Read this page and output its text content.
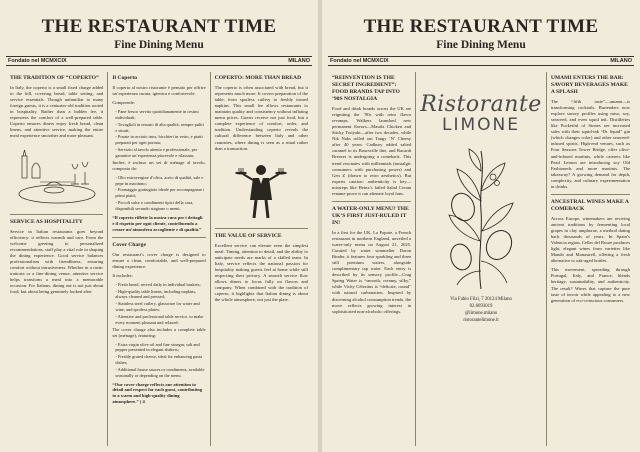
THE RESTAURANT TIME
Fine Dining Menu
Fondato nel MCMXCIX	MILANO
THE TRADITION OF “COPERTO”
In Italy, the coperto is a small fixed charge added to the bill, covering bread, table setting, and service essentials. Though unfamiliar to many foreign guests, it is a centuries-old tradition rooted in hospitality. Rather than a hidden fee, it represents the comfort of a well-prepared table. Coperto ensures diners enjoy fresh bread, clean linens, and attentive service, making the entire meal experience smoother and more pleasant.
SERVICE AS HOSPITALITY
Service in Italian restaurants goes beyond efficiency: it reflects warmth and care. From the welcome greeting to personalized recommendations, staff play a vital role in shaping the dining experience. Good service balances professionalism with friendliness, ensuring comfort without intrusiveness. Whether in a rustic trattoria or a fine-dining venue, attentive service helps transform a meal into a memorable occasion. For Italians, dining out is not just about food, but about being genuinely looked after.
Il Coperto
Il coperto al nostro ristorante è pensato per offrire un’esperienza curata, igienica e confortevole.
Comprende:
- Pane fresco servito quotidianamente in cestini individuali;
- Tovaglioli in tessuto di alta qualità, sempre puliti e stirati;
- Posate in acciaio inox, bicchieri in vetro, e piatti preparati per ogni portata;
- Servizio al tavolo attento e professionale, per garantire un’esperienza piacevole e rilassata;
Inoltre, è incluso un set di ménage al tavolo, composto da:
- Olio extravergine d’oliva, aceto di qualità, sale e pepe in macinino;
- Formaggio grattugiato ideale per accompagnare i primi piatti;
- Piccoli salse o condimenti tipici della casa, disponibili secondo stagione o menù.
“Il coperto riflette la nostra cura per i dettagli e il rispetto per ogni cliente, contribuendo a creare un’atmosfera accogliente e di qualità.”
Cover Charge
Our restaurant’s cover charge is designed to ensure a clean, comfortable, and well-prepared dining experience.
It includes:
- Fresh bread, served daily in individual baskets;
- High-quality table linens, including napkins, always cleaned and pressed;
- Stainless steel cutlery, glassware for water and wine, and spotless plates;
- Attentive and professional table service, to make every moment pleasant and relaxed;
The cover charge also includes a complete table set (ménage), featuring:
- Extra virgin olive oil and fine vinegar, salt and pepper presented in elegant shakers;
- Freshly grated cheese, ideal for enhancing pasta dishes;
- Additional house sauces or condiments, available seasonally or depending on the menu.
“Our cover charge reflects our attention to detail and respect for each guest, contributing to a warm and high-quality dining atmosphere.” ( 4
COPERTO: MORE THAN BREAD
The coperto is often associated with bread, but it represents much more. It covers preparation of the table, from spotless cutlery to freshly ironed napkins. This small fee allows restaurants to maintain quality and consistency without inflating menu prices. Guests receive not just food, but a complete experience of comfort, order, and tradition. Understanding coperto reveals the cultural difference between Italy and other countries, where dining is seen as a ritual rather than a transaction.
THE VALUE OF SERVICE
Excellent service can elevate even the simplest meal. Timing, attention to detail, and the ability to anticipate needs are marks of a skilled team. In Italy, service reflects the national passion for hospitality making guests feel at home while still respecting their privacy. A smooth service flow allows diners to focus fully on flavors and company. When combined with the tradition of coperto, it highlights that Italian dining is about the whole atmosphere, not just the plate.
THE RESTAURANT TIME
Fine Dining Menu
Fondato nel MCMXCIX	MILANO
“REINVENTION IS THE SECRET INGREDIENT”: FOOD BRANDS TAP INTO ’90S NOSTALGIA
Food and drink brands across the UK are reigniting the ’90s with retro flavor revamps. Walkers launched new permanent flavors—Masala Chicken and Sticky Teriyaki—after two decades, while Nik Naks rolled out Tangy ’N’ Cheesy after 40 years. Cadbury added salted caramel to its Boursville line, and Bacardi Breezer is undergoing a comeback. This trend resonates with millennials (nostalgic consumers with purchasing power) and Gen Z (drawn to retro aesthetics). But experts caution: authenticity is key—missteps like Heinz’s failed Salad Cream rename prove it can alienate loyal fans.
A WATER-ONLY MENU? THE UK’S FIRST JUST-RULED IT IN!
In a first for the UK, La Popote, a French restaurant in northern England, unveiled a water-only menu on August 21, 2025. Curated by water sommelier Doron Binder, it features four sparkling and three still premium waters, alongside complimentary tap water. Each entry is described by its sensory profile—Crag Spring Water is “smooth, creamy, silky,” while Vichy Célestins is “delicate, round” with natural carbonation. Inspired by discerning alcohol consumption trends, the move reflects growing interest in sophisticated non-alcoholic offerings.
Ristorante
LIMONE
Via Fabio Filzi, 7 20124 Milano
02.6693019
@limone.milano
ristorantelimone.it
UMAMI ENTERS THE BAR: SAVORY BEVERAGES MAKE A SPLASH
The “fifth taste”—umami—is transforming cocktails. Bartenders now explore savory profiles using miso, soy, seaweed, and even squid ink. Distilleries like Pocketful of Stones see increased sales with their squid-ink “Dr Squid” gin (which changes color) and other seaweed-infused spirits. High-end venues, such as Four Seasons Tower Bridge, offer olive-and-infused martinis, while caterers like Pearl Lemon are introducing soy Old Fashioneds and more martinis. The takeaway? A growing demand for depth, complexity, and culinary experimentation in drinks.
ANCESTRAL WINES MAKE A COMEBACK
Across Europe, winemakers are reviving ancient traditions by fermenting local grapes in clay amphorae, a method dating back thousands of years. In Spain’s Valencia region, Celler del Roure produces light, elegant wines from varieties like Mandó and Monastrell, offering a fresh alternative to oak-aged bottles.
This movement, spreading through Portugal, Italy, and France, blends heritage, sustainability, and authenticity. The result? Wines that capture the pure taste of terroir while appealing to a new generation of eco-conscious consumers.
